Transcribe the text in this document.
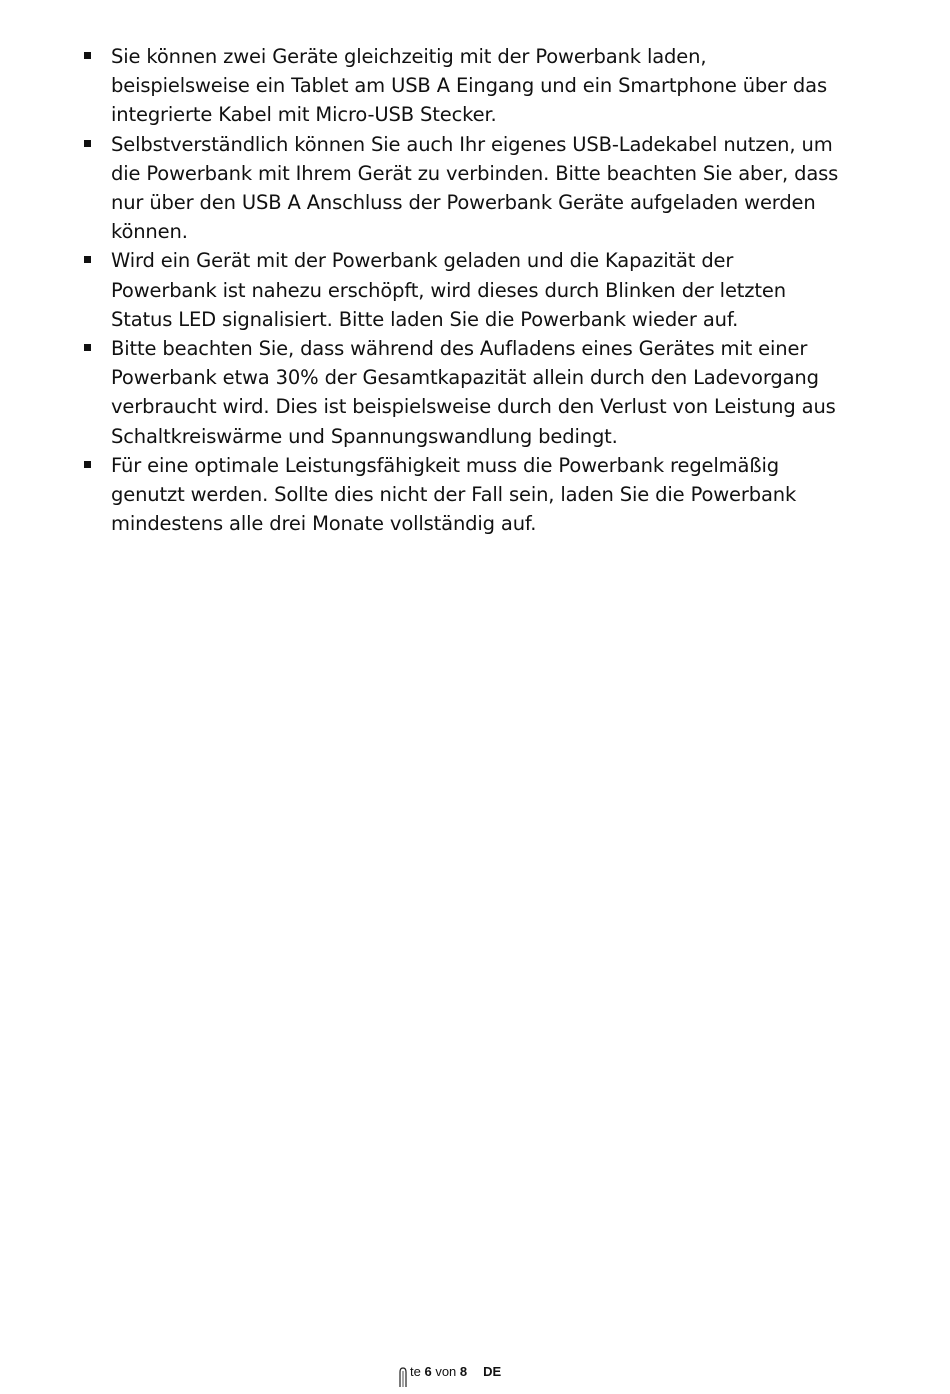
Sie können zwei Geräte gleichzeitig mit der Powerbank laden, beispielsweise ein Tablet am USB A Eingang und ein Smartphone über das integrierte Kabel mit Micro-USB Stecker.
Selbstverständlich können Sie auch Ihr eigenes USB-Ladekabel nutzen, um die Powerbank mit Ihrem Gerät zu verbinden. Bitte beachten Sie aber, dass nur über den USB A Anschluss der Powerbank Geräte aufgeladen werden können.
Wird ein Gerät mit der Powerbank geladen und die Kapazität der Powerbank ist nahezu erschöpft, wird dieses durch Blinken der letzten Status LED signalisiert. Bitte laden Sie die Powerbank wieder auf.
Bitte beachten Sie, dass während des Aufladens eines Gerätes mit einer Powerbank etwa 30% der Gesamtkapazität allein durch den Ladevorgang verbraucht wird. Dies ist beispielsweise durch den Verlust von Leistung aus Schaltkreiswärme und Spannungswandlung bedingt.
Für eine optimale Leistungsfähigkeit muss die Powerbank regelmäßig genutzt werden. Sollte dies nicht der Fall sein, laden Sie die Powerbank mindestens alle drei Monate vollständig auf.
te 6 von 8 DE
